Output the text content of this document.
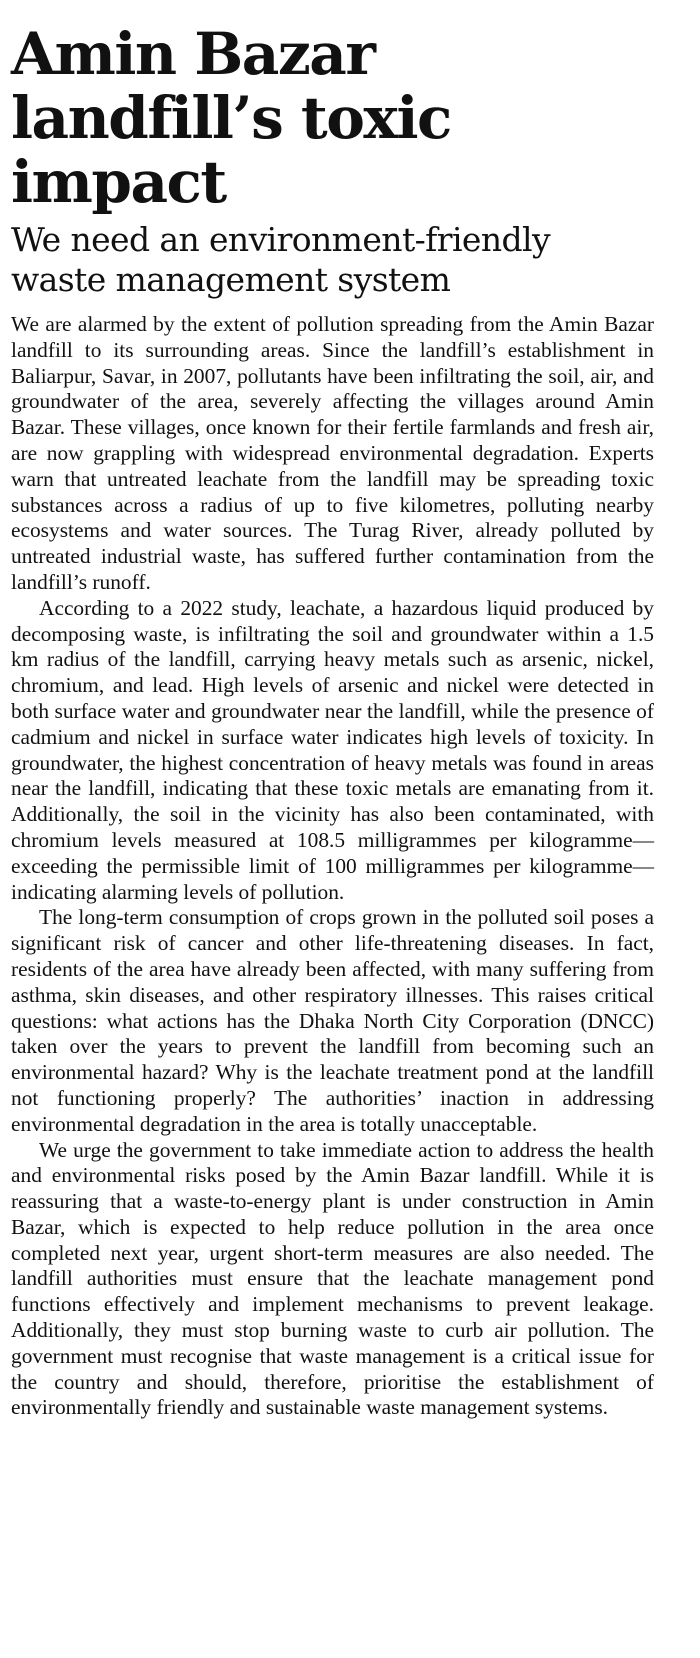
Amin Bazar landfill’s toxic impact
We need an environment-friendly waste management system

We are alarmed by the extent of pollution spreading from the Amin Bazar landfill to its surrounding areas. Since the landfill’s establishment in Baliarpur, Savar, in 2007, pollutants have been infiltrating the soil, air, and groundwater of the area, severely affecting the villages around Amin Bazar. These villages, once known for their fertile farmlands and fresh air, are now grappling with widespread environmental degradation. Experts warn that untreated leachate from the landfill may be spreading toxic substances across a radius of up to five kilometres, polluting nearby ecosystems and water sources. The Turag River, already polluted by untreated industrial waste, has suffered further contamination from the landfill’s runoff.

According to a 2022 study, leachate, a hazardous liquid produced by decomposing waste, is infiltrating the soil and groundwater within a 1.5 km radius of the landfill, carrying heavy metals such as arsenic, nickel, chromium, and lead. High levels of arsenic and nickel were detected in both surface water and groundwater near the landfill, while the presence of cadmium and nickel in surface water indicates high levels of toxicity. In groundwater, the highest concentration of heavy metals was found in areas near the landfill, indicating that these toxic metals are emanating from it. Additionally, the soil in the vicinity has also been contaminated, with chromium levels measured at 108.5 milligrammes per kilogramme—exceeding the permissible limit of 100 milligrammes per kilogramme—indicating alarming levels of pollution.

The long-term consumption of crops grown in the polluted soil poses a significant risk of cancer and other life-threatening diseases. In fact, residents of the area have already been affected, with many suffering from asthma, skin diseases, and other respiratory illnesses. This raises critical questions: what actions has the Dhaka North City Corporation (DNCC) taken over the years to prevent the landfill from becoming such an environmental hazard? Why is the leachate treatment pond at the landfill not functioning properly? The authorities’ inaction in addressing environmental degradation in the area is totally unacceptable.

We urge the government to take immediate action to address the health and environmental risks posed by the Amin Bazar landfill. While it is reassuring that a waste-to-energy plant is under construction in Amin Bazar, which is expected to help reduce pollution in the area once completed next year, urgent short-term measures are also needed. The landfill authorities must ensure that the leachate management pond functions effectively and implement mechanisms to prevent leakage. Additionally, they must stop burning waste to curb air pollution. The government must recognise that waste management is a critical issue for the country and should, therefore, prioritise the establishment of environmentally friendly and sustainable waste management systems.
